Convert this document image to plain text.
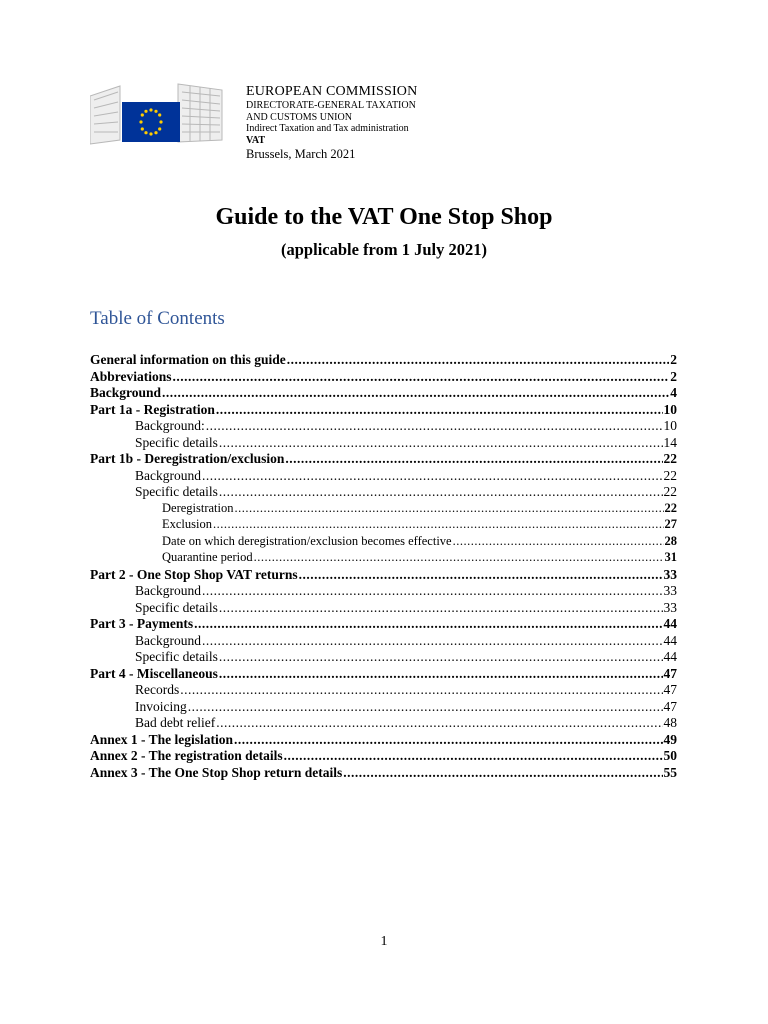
EUROPEAN COMMISSION
DIRECTORATE-GENERAL TAXATION
AND CUSTOMS UNION
Indirect Taxation and Tax administration
VAT
Brussels, March 2021
Guide to the VAT One Stop Shop
(applicable from 1 July 2021)
Table of Contents
General information on this guide .....	2
Abbreviations .....	2
Background .....	4
Part 1a - Registration .....	10
Background: .....	10
Specific details .....	14
Part 1b - Deregistration/exclusion .....	22
Background .....	22
Specific details .....	22
Deregistration .....	22
Exclusion .....	27
Date on which deregistration/exclusion becomes effective .....	28
Quarantine period .....	31
Part 2 - One Stop Shop VAT returns .....	33
Background .....	33
Specific details .....	33
Part 3 - Payments .....	44
Background .....	44
Specific details .....	44
Part 4 - Miscellaneous .....	47
Records .....	47
Invoicing .....	47
Bad debt relief .....	48
Annex 1 - The legislation .....	49
Annex 2 - The registration details .....	50
Annex 3 - The One Stop Shop return details .....	55
1
